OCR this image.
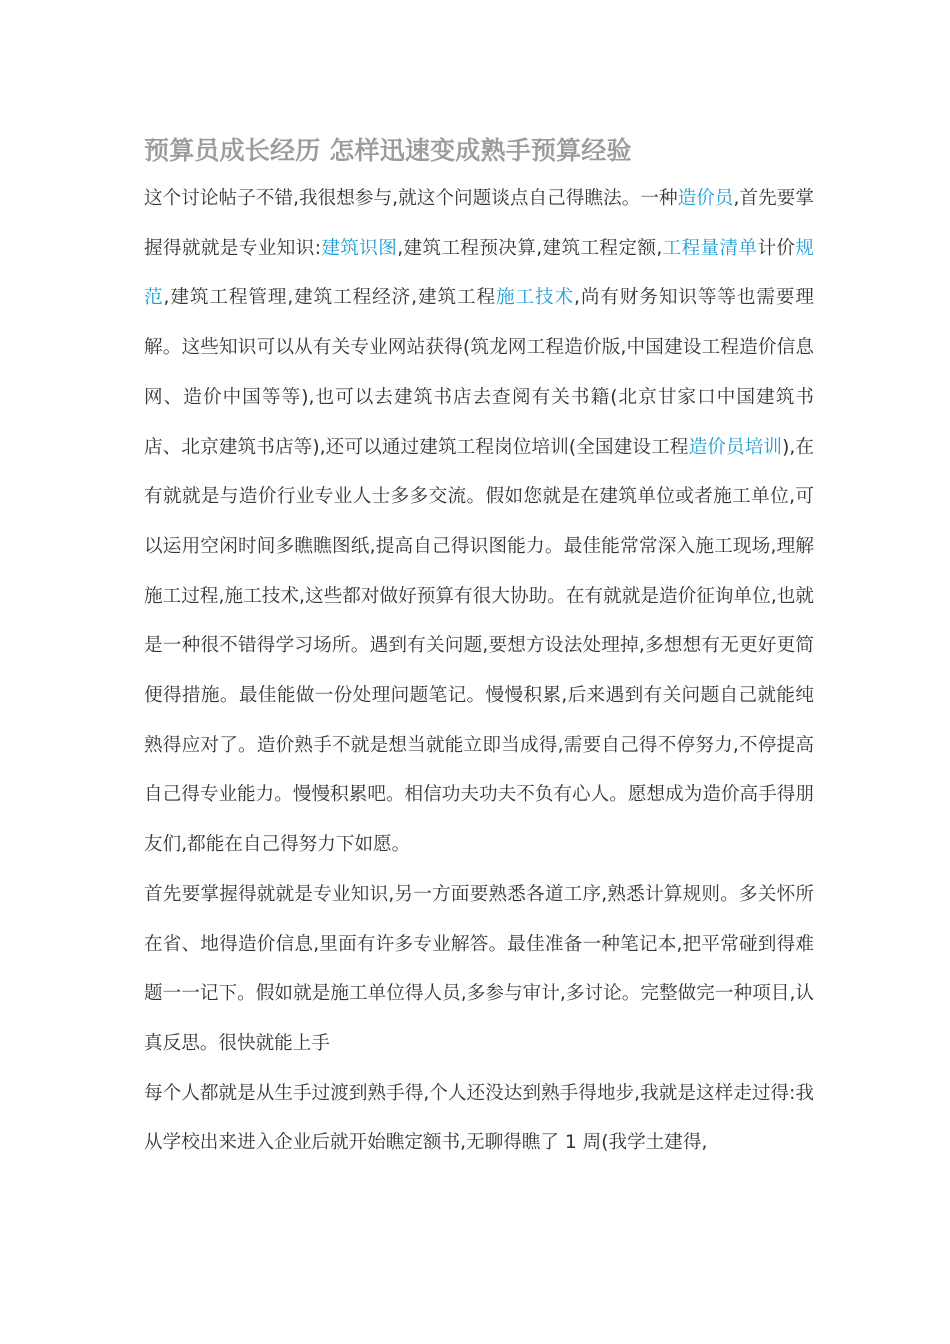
预算员成长经历 怎样迅速变成熟手预算经验

这个讨论帖子不错,我很想参与,就这个问题谈点自己得瞧法。一种造价员,首先要掌握得就就是专业知识:建筑识图,建筑工程预决算,建筑工程定额,工程量清单计价规范,建筑工程管理,建筑工程经济,建筑工程施工技术,尚有财务知识等等也需要理解。这些知识可以从有关专业网站获得(筑龙网工程造价版,中国建设工程造价信息网、造价中国等等),也可以去建筑书店去查阅有关书籍(北京甘家口中国建筑书店、北京建筑书店等),还可以通过建筑工程岗位培训(全国建设工程造价员培训),在有就就是与造价行业专业人士多多交流。假如您就是在建筑单位或者施工单位,可以运用空闲时间多瞧瞧图纸,提高自己得识图能力。最佳能常常深入施工现场,理解施工过程,施工技术,这些都对做好预算有很大协助。在有就就是造价征询单位,也就是一种很不错得学习场所。遇到有关问题,要想方设法处理掉,多想想有无更好更简便得措施。最佳能做一份处理问题笔记。慢慢积累,后来遇到有关问题自己就能纯熟得应对了。造价熟手不就是想当就能立即当成得,需要自己得不停努力,不停提高自己得专业能力。慢慢积累吧。相信功夫功夫不负有心人。愿想成为造价高手得朋友们,都能在自己得努力下如愿。

首先要掌握得就就是专业知识,另一方面要熟悉各道工序,熟悉计算规则。多关怀所在省、地得造价信息,里面有许多专业解答。最佳准备一种笔记本,把平常碰到得难题一一记下。假如就是施工单位得人员,多参与审计,多讨论。完整做完一种项目,认真反思。很快就能上手

每个人都就是从生手过渡到熟手得,个人还没达到熟手得地步,我就是这样走过得:我从学校出来进入企业后就开始瞧定额书,无聊得瞧了 1 周(我学土建得,
